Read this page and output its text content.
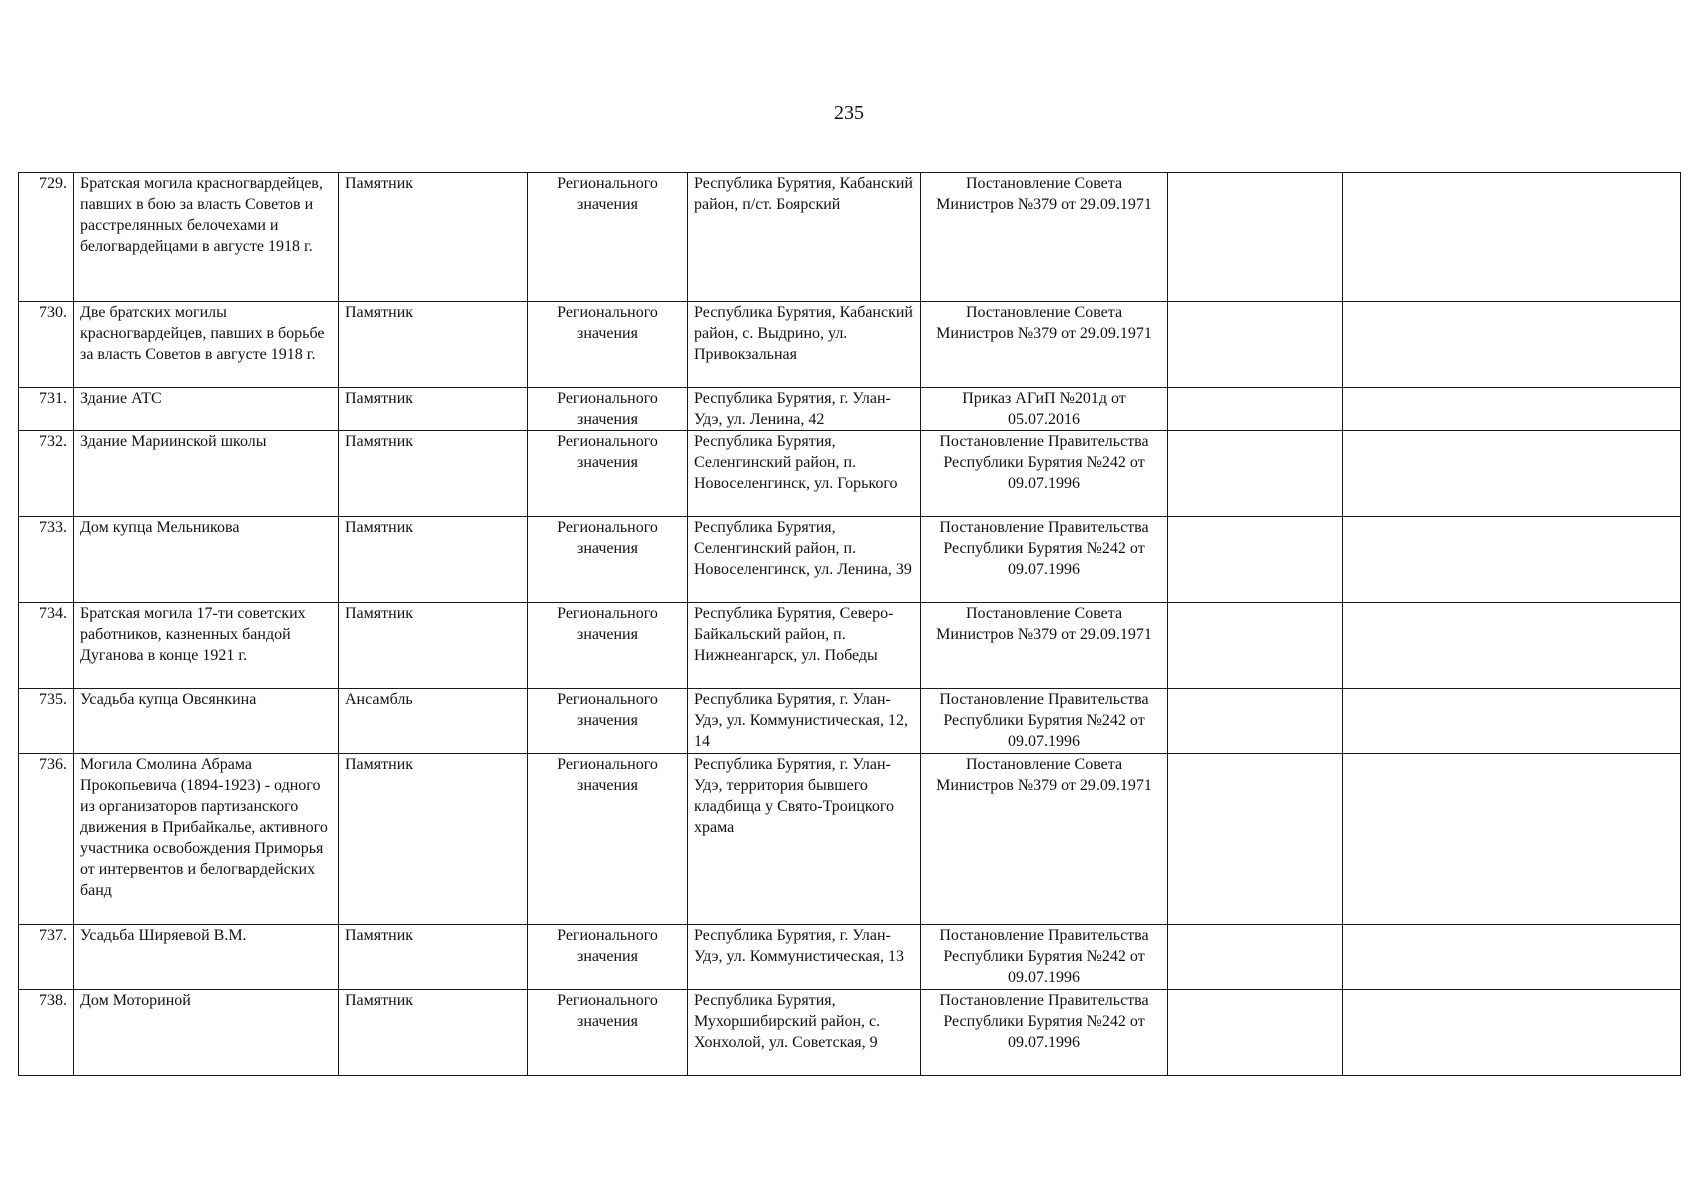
235
729.	Братская могила красногвардейцев, павших в бою за власть Советов и расстрелянных белочехами и белогвардейцами в августе 1918 г.	Памятник	Регионального значения	Республика Бурятия, Кабанский район, п/ст. Боярский	Постановление Совета Министров №379 от 29.09.1971		
730.	Две братских могилы красногвардейцев, павших в борьбе за власть Советов в августе 1918 г.	Памятник	Регионального значения	Республика Бурятия, Кабанский район, с. Выдрино, ул. Привокзальная	Постановление Совета Министров №379 от 29.09.1971		
731.	Здание АТС	Памятник	Регионального значения	Республика Бурятия, г. Улан-Удэ, ул. Ленина, 42	Приказ АГиП №201д от 05.07.2016		
732.	Здание Мариинской школы	Памятник	Регионального значения	Республика Бурятия, Селенгинский район, п. Новоселенгинск, ул. Горького	Постановление Правительства Республики Бурятия №242 от 09.07.1996		
733.	Дом купца Мельникова	Памятник	Регионального значения	Республика Бурятия, Селенгинский район, п. Новоселенгинск, ул. Ленина, 39	Постановление Правительства Республики Бурятия №242 от 09.07.1996		
734.	Братская могила 17-ти советских работников, казненных бандой Дуганова в конце 1921 г.	Памятник	Регионального значения	Республика Бурятия, Северо-Байкальский район, п. Нижнеангарск, ул. Победы	Постановление Совета Министров №379 от 29.09.1971		
735.	Усадьба купца Овсянкина	Ансамбль	Регионального значения	Республика Бурятия, г. Улан-Удэ, ул. Коммунистическая, 12, 14	Постановление Правительства Республики Бурятия №242 от 09.07.1996		
736.	Могила Смолина Абрама Прокопьевича (1894-1923) - одного из организаторов партизанского движения в Прибайкалье, активного участника освобождения Приморья от интервентов и белогвардейских банд	Памятник	Регионального значения	Республика Бурятия, г. Улан-Удэ, территория бывшего кладбища у Свято-Троицкого храма	Постановление Совета Министров №379 от 29.09.1971		
737.	Усадьба Ширяевой В.М.	Памятник	Регионального значения	Республика Бурятия, г. Улан-Удэ, ул. Коммунистическая, 13	Постановление Правительства Республики Бурятия №242 от 09.07.1996		
738.	Дом Моториной	Памятник	Регионального значения	Республика Бурятия, Мухоршибирский район, с. Хонхолой, ул. Советская, 9	Постановление Правительства Республики Бурятия №242 от 09.07.1996		
